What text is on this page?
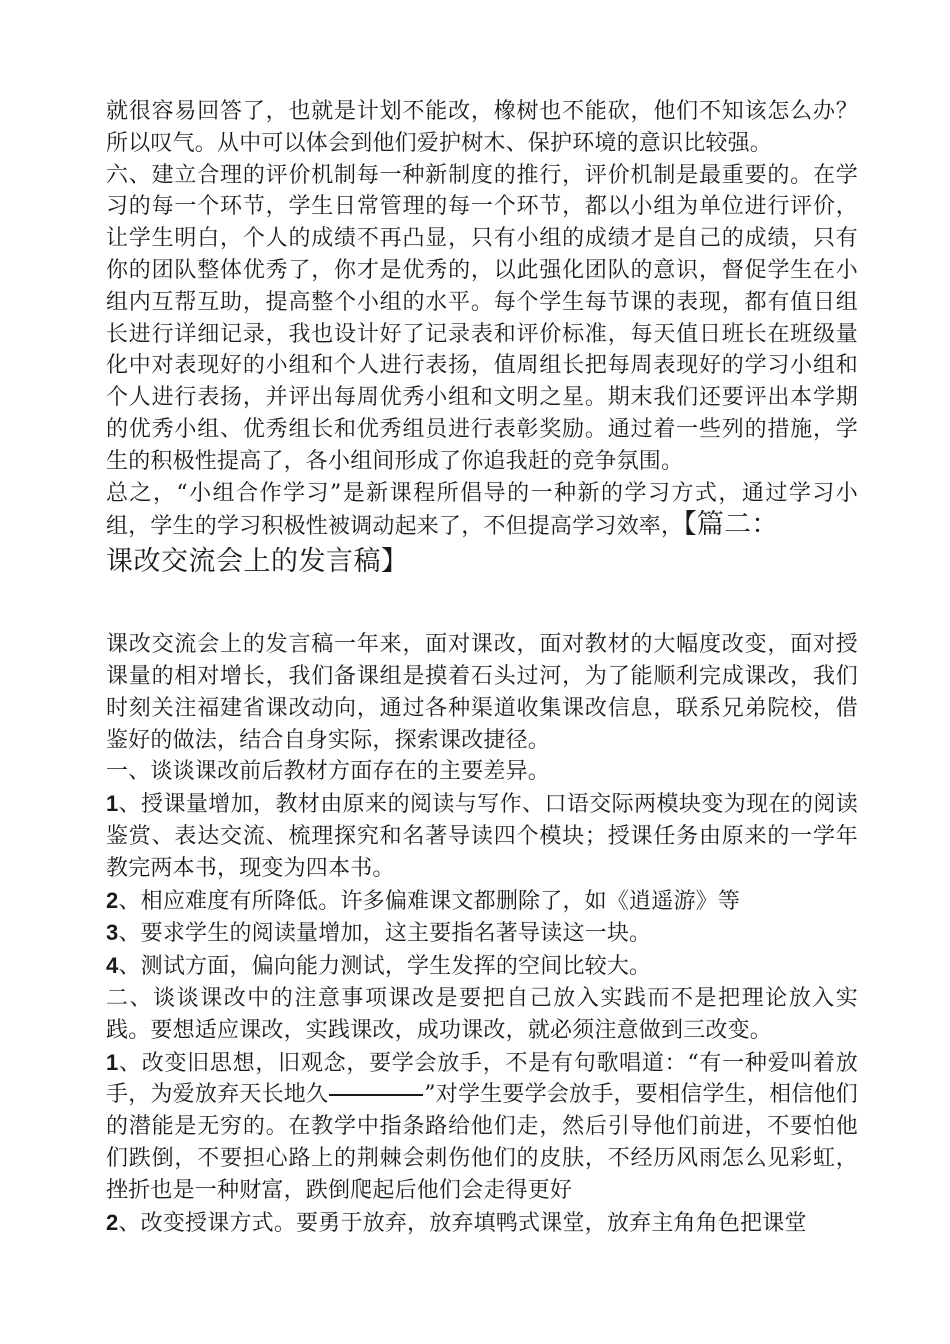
就很容易回答了，也就是计划不能改，橡树也不能砍，他们不知该怎么办？所以叹气。从中可以体会到他们爱护树木、保护环境的意识比较强。

六、建立合理的评价机制每一种新制度的推行，评价机制是最重要的。在学习的每一个环节，学生日常管理的每一个环节，都以小组为单位进行评价，让学生明白，个人的成绩不再凸显，只有小组的成绩才是自己的成绩，只有你的团队整体优秀了，你才是优秀的，以此强化团队的意识，督促学生在小组内互帮互助，提高整个小组的水平。每个学生每节课的表现，都有值日组长进行详细记录，我也设计好了记录表和评价标准，每天值日班长在班级量化中对表现好的小组和个人进行表扬，值周组长把每周表现好的学习小组和个人进行表扬，并评出每周优秀小组和文明之星。期末我们还要评出本学期的优秀小组、优秀组长和优秀组员进行表彰奖励。通过着一些列的措施，学生的积极性提高了，各小组间形成了你追我赶的竞争氛围。

总之，“小组合作学习”是新课程所倡导的一种新的学习方式，通过学习小组，学生的学习积极性被调动起来了，不但提高学习效率，【篇二：

课改交流会上的发言稿】

课改交流会上的发言稿一年来，面对课改，面对教材的大幅度改变，面对授课量的相对增长，我们备课组是摸着石头过河，为了能顺利完成课改，我们时刻关注福建省课改动向，通过各种渠道收集课改信息，联系兄弟院校，借鉴好的做法，结合自身实际，探索课改捷径。

一、谈谈课改前后教材方面存在的主要差异。

1、授课量增加，教材由原来的阅读与写作、口语交际两模块变为现在的阅读鉴赏、表达交流、梳理探究和名著导读四个模块；授课任务由原来的一学年教完两本书，现变为四本书。

2、相应难度有所降低。许多偏难课文都删除了，如《逍遥游》等

3、要求学生的阅读量增加，这主要指名著导读这一块。

4、测试方面，偏向能力测试，学生发挥的空间比较大。

二、谈谈课改中的注意事项课改是要把自己放入实践而不是把理论放入实践。要想适应课改，实践课改，成功课改，就必须注意做到三改变。

1、改变旧思想，旧观念，要学会放手，不是有句歌唱道：“有一种爱叫着放手，为爱放弃天长地久	”对学生要学会放手，要相信学生，相信他们的潜能是无穷的。在教学中指条路给他们走，然后引导他们前进，不要怕他们跌倒，不要担心路上的荆棘会刺伤他们的皮肤，不经历风雨怎么见彩虹，挫折也是一种财富，跌倒爬起后他们会走得更好

2、改变授课方式。要勇于放弃，放弃填鸭式课堂，放弃主角角色把课堂
